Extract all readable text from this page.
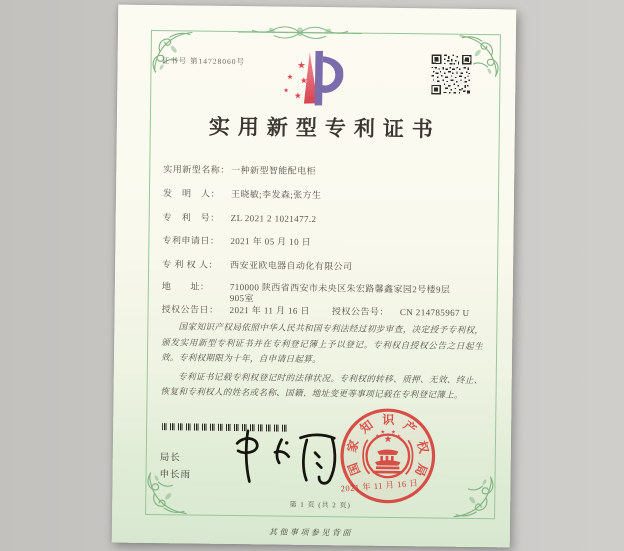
其他事项参见背面
证书号 第14728060号	★
★ ★
★
★
实用新型专利证书
实用新型名称： 一种新型智能配电柜
发　明　人：	王晓敏;李发森;张方生
专　利　号：	ZL 2021 2 1021477.2
专利申请日：	2021 年 05 月 10 日
专 利 权 人：	西安亚欧电器自动化有限公司
地　　址：	710000 陕西省西安市未央区朱宏路馨鑫家园2号楼9层905室
授权公告日：	2021 年 11 月 16 日 授权公告号：	CN 214785967 U

国家知识产权局依照中华人民共和国专利法经过初步审查，决定授予专利权，颁发实用新型专利证书并在专利登记簿上予以登记。专利权自授权公告之日起生效。专利权期限为十年，自申请日起算。

专利证书记载专利权登记时的法律状况。专利权的转移、质押、无效、终止、恢复和专利权人的姓名或名称、国籍、地址变更等事项记载在专利登记簿上。

局长
申长雨	国
家
知 识 产
权
局
★
★
★ ★
★
2021 年 11 月 16 日
第 1 页 (共 2 页)
